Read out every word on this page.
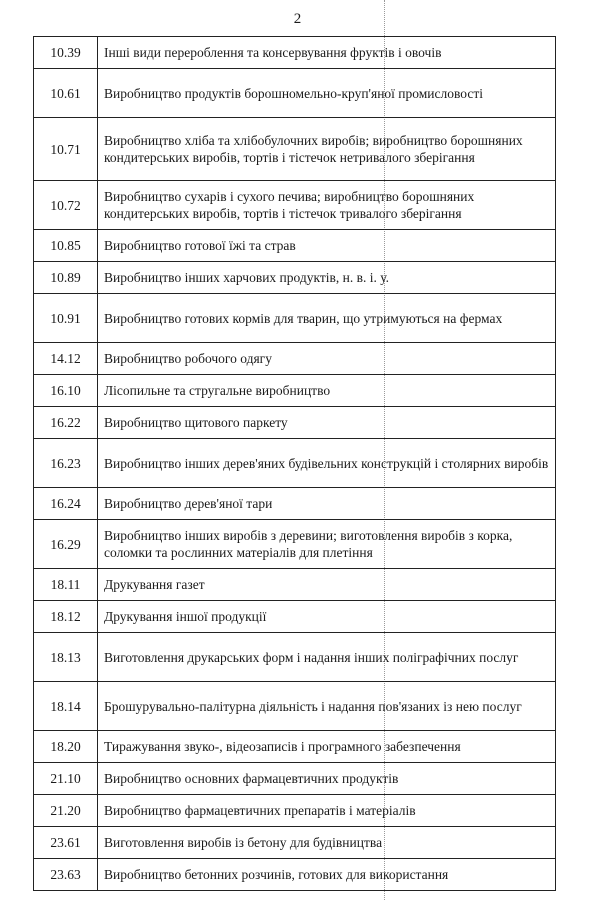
2
10.39	Інші види перероблення та консервування фруктів і овочів
10.61	Виробництво продуктів борошномельно-круп'яної промисловості
10.71	Виробництво хліба та хлібобулочних виробів; виробництво борошняних кондитерських виробів, тортів і тістечок нетривалого зберігання
10.72	Виробництво сухарів і сухого печива; виробництво борошняних кондитерських виробів, тортів і тістечок тривалого зберігання
10.85	Виробництво готової їжі та страв
10.89	Виробництво інших харчових продуктів, н. в. і. у.
10.91	Виробництво готових кормів для тварин, що утримуються на фермах
14.12	Виробництво робочого одягу
16.10	Лісопильне та стругальне виробництво
16.22	Виробництво щитового паркету
16.23	Виробництво інших дерев'яних будівельних конструкцій і столярних виробів
16.24	Виробництво дерев'яної тари
16.29	Виробництво інших виробів з деревини; виготовлення виробів з корка, соломки та рослинних матеріалів для плетіння
18.11	Друкування газет
18.12	Друкування іншої продукції
18.13	Виготовлення друкарських форм і надання інших поліграфічних послуг
18.14	Брошурувально-палітурна діяльність і надання пов'язаних із нею послуг
18.20	Тиражування звуко-, відеозаписів і програмного забезпечення
21.10	Виробництво основних фармацевтичних продуктів
21.20	Виробництво фармацевтичних препаратів і матеріалів
23.61	Виготовлення виробів із бетону для будівництва
23.63	Виробництво бетонних розчинів, готових для використання
